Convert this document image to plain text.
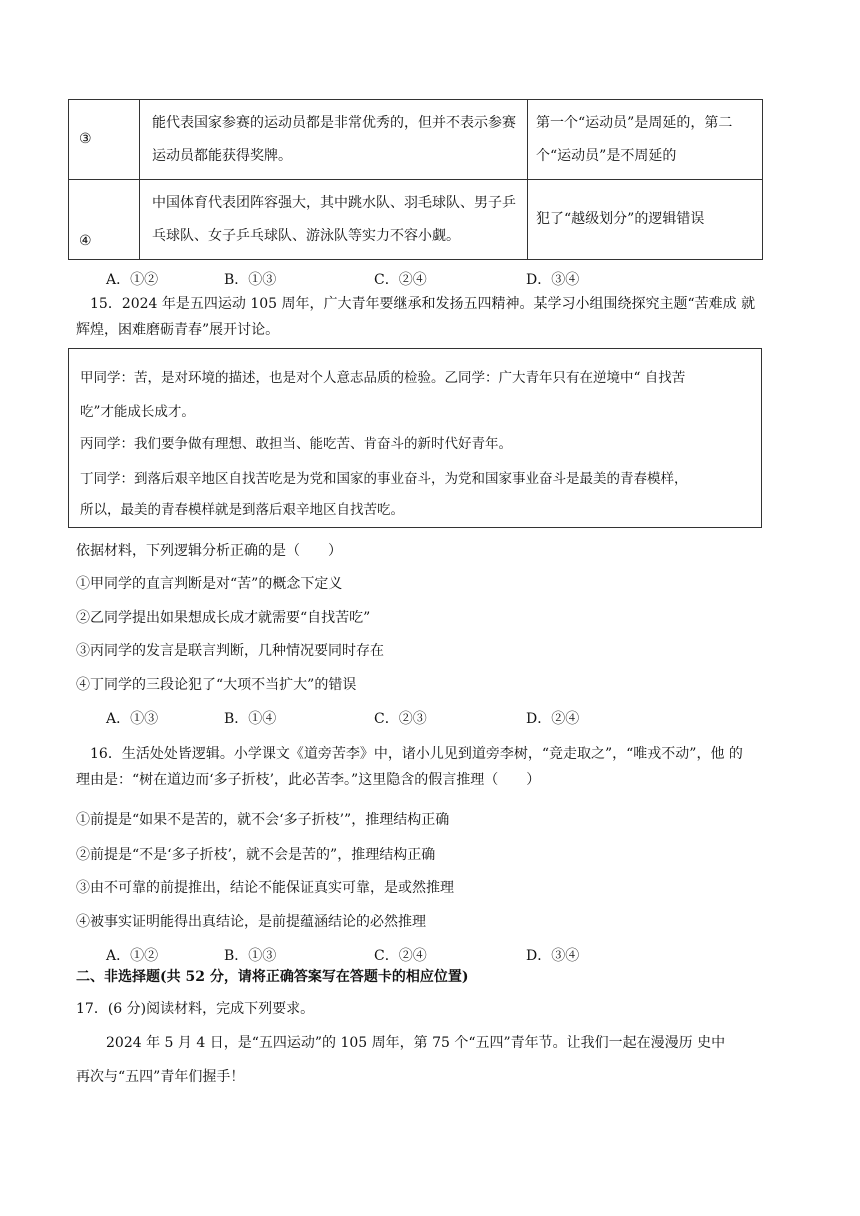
③	能代表国家参赛的运动员都是非常优秀的，但并不表示参赛运动员都能获得奖牌。	第一个“运动员”是周延的，第二个“运动员”是不周延的
④	中国体育代表团阵容强大，其中跳水队、羽毛球队、男子乒乓球队、女子乒乓球队、游泳队等实力不容小觑。	犯了“越级划分”的逻辑错误
A．①②	B．①③	C．②④	D．③④
15．2024 年是五四运动 105 周年，广大青年要继承和发扬五四精神。某学习小组围绕探究主题“苦难成 就
辉煌，困难磨砺青春”展开讨论。
甲同学：苦，是对环境的描述，也是对个人意志品质的检验。乙同学：广大青年只有在逆境中“ 自找苦
吃”才能成长成才。
丙同学：我们要争做有理想、敢担当、能吃苦、肯奋斗的新时代好青年。
丁同学：到落后艰辛地区自找苦吃是为党和国家的事业奋斗，为党和国家事业奋斗是最美的青春模样，
所以，最美的青春模样就是到落后艰辛地区自找苦吃。
依据材料，下列逻辑分析正确的是（　　）
①甲同学的直言判断是对“苦”的概念下定义
②乙同学提出如果想成长成才就需要“自找苦吃”
③丙同学的发言是联言判断，几种情况要同时存在
④丁同学的三段论犯了“大项不当扩大”的错误
A．①③	B．①④	C．②③	D．②④
16．生活处处皆逻辑。小学课文《道旁苦李》中，诸小儿见到道旁李树，“竞走取之”，“唯戎不动”，他 的
理由是：“树在道边而‘多子折枝’，此必苦李。”这里隐含的假言推理（　　）
①前提是“如果不是苦的，就不会‘多子折枝’”，推理结构正确
②前提是“不是‘多子折枝’，就不会是苦的”，推理结构正确
③由不可靠的前提推出，结论不能保证真实可靠，是或然推理
④被事实证明能得出真结论，是前提蕴涵结论的必然推理
A．①②	B．①③	C．②④	D．③④
二、非选择题(共 52 分，请将正确答案写在答题卡的相应位置)
17．(6 分)阅读材料，完成下列要求。
2024 年 5 月 4 日，是“五四运动”的 105 周年，第 75 个“五四”青年节。让我们一起在漫漫历 史中
再次与“五四”青年们握手！
